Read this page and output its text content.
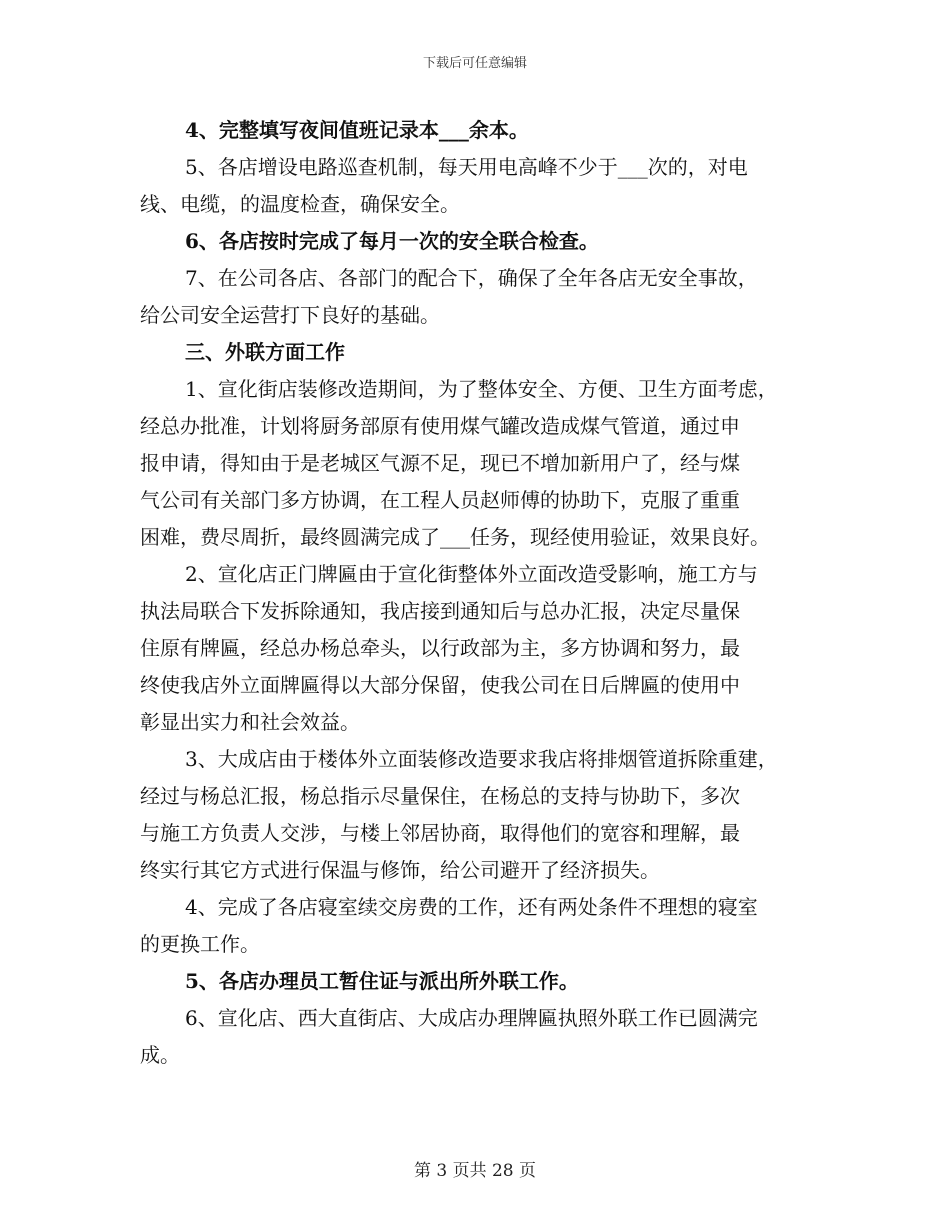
下载后可任意编辑
4、完整填写夜间值班记录本___余本。
5、各店增设电路巡查机制，每天用电高峰不少于___次的，对电
线、电缆，的温度检查，确保安全。
6、各店按时完成了每月一次的安全联合检查。
7、在公司各店、各部门的配合下，确保了全年各店无安全事故，
给公司安全运营打下良好的基础。
三、外联方面工作
1、宣化街店装修改造期间，为了整体安全、方便、卫生方面考虑，
经总办批准，计划将厨务部原有使用煤气罐改造成煤气管道，通过申
报申请，得知由于是老城区气源不足，现已不增加新用户了，经与煤
气公司有关部门多方协调，在工程人员赵师傅的协助下，克服了重重
困难，费尽周折，最终圆满完成了___任务，现经使用验证，效果良好。
2、宣化店正门牌匾由于宣化街整体外立面改造受影响，施工方与
执法局联合下发拆除通知，我店接到通知后与总办汇报，决定尽量保
住原有牌匾，经总办杨总牵头，以行政部为主，多方协调和努力，最
终使我店外立面牌匾得以大部分保留，使我公司在日后牌匾的使用中
彰显出实力和社会效益。
3、大成店由于楼体外立面装修改造要求我店将排烟管道拆除重建，
经过与杨总汇报，杨总指示尽量保住，在杨总的支持与协助下，多次
与施工方负责人交涉，与楼上邻居协商，取得他们的宽容和理解，最
终实行其它方式进行保温与修饰，给公司避开了经济损失。
4、完成了各店寝室续交房费的工作，还有两处条件不理想的寝室
的更换工作。
5、各店办理员工暂住证与派出所外联工作。
6、宣化店、西大直街店、大成店办理牌匾执照外联工作已圆满完
成。
第 3 页共 28 页
